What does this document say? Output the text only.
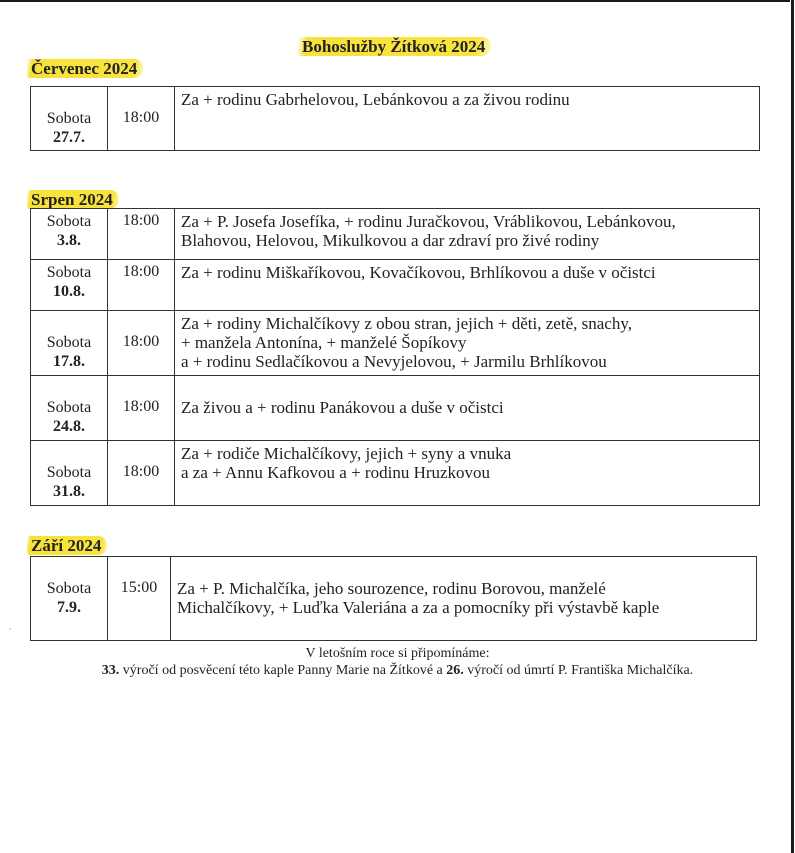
Bohoslužby Žítková 2024
Červenec 2024
Sobota
27.7.
	18:00	Za + rodinu Gabrhelovou, Lebánkovou a za živou rodinu
Srpen 2024
Sobota
3.8.	18:00	Za + P. Josefa Josefíka, + rodinu Juračkovou, Vráblikovou, Lebánkovou,
Blahovou, Helovou, Mikulkovou a dar zdraví pro živé rodiny
Sobota
10.8.	18:00	Za + rodinu Miškaříkovou, Kovačíkovou, Brhlíkovou a duše v očistci
Sobota
17.8.	18:00	Za + rodiny Michalčíkovy z obou stran, jejich + děti, zetě, snachy,
+ manžela Antonína, + manželé Šopíkovy
a + rodinu Sedlačíkovou a Nevyjelovou, + Jarmilu Brhlíkovou
Sobota
24.8.	18:00	Za živou a + rodinu Panákovou a duše v očistci
Sobota
31.8.	18:00	Za + rodiče Michalčíkovy, jejich + syny a vnuka
a za + Annu Kafkovou a + rodinu Hruzkovou
Září 2024
Sobota
7.9.
	15:00	Za + P. Michalčíka, jeho sourozence, rodinu Borovou, manželé
Michalčíkovy, + Luďka Valeriána a za a pomocníky při výstavbě kaple
V letošním roce si připomínáme:
33. výročí od posvěcení této kaple Panny Marie na Žítkové a 26. výročí od úmrtí P. Františka Michalčíka.
